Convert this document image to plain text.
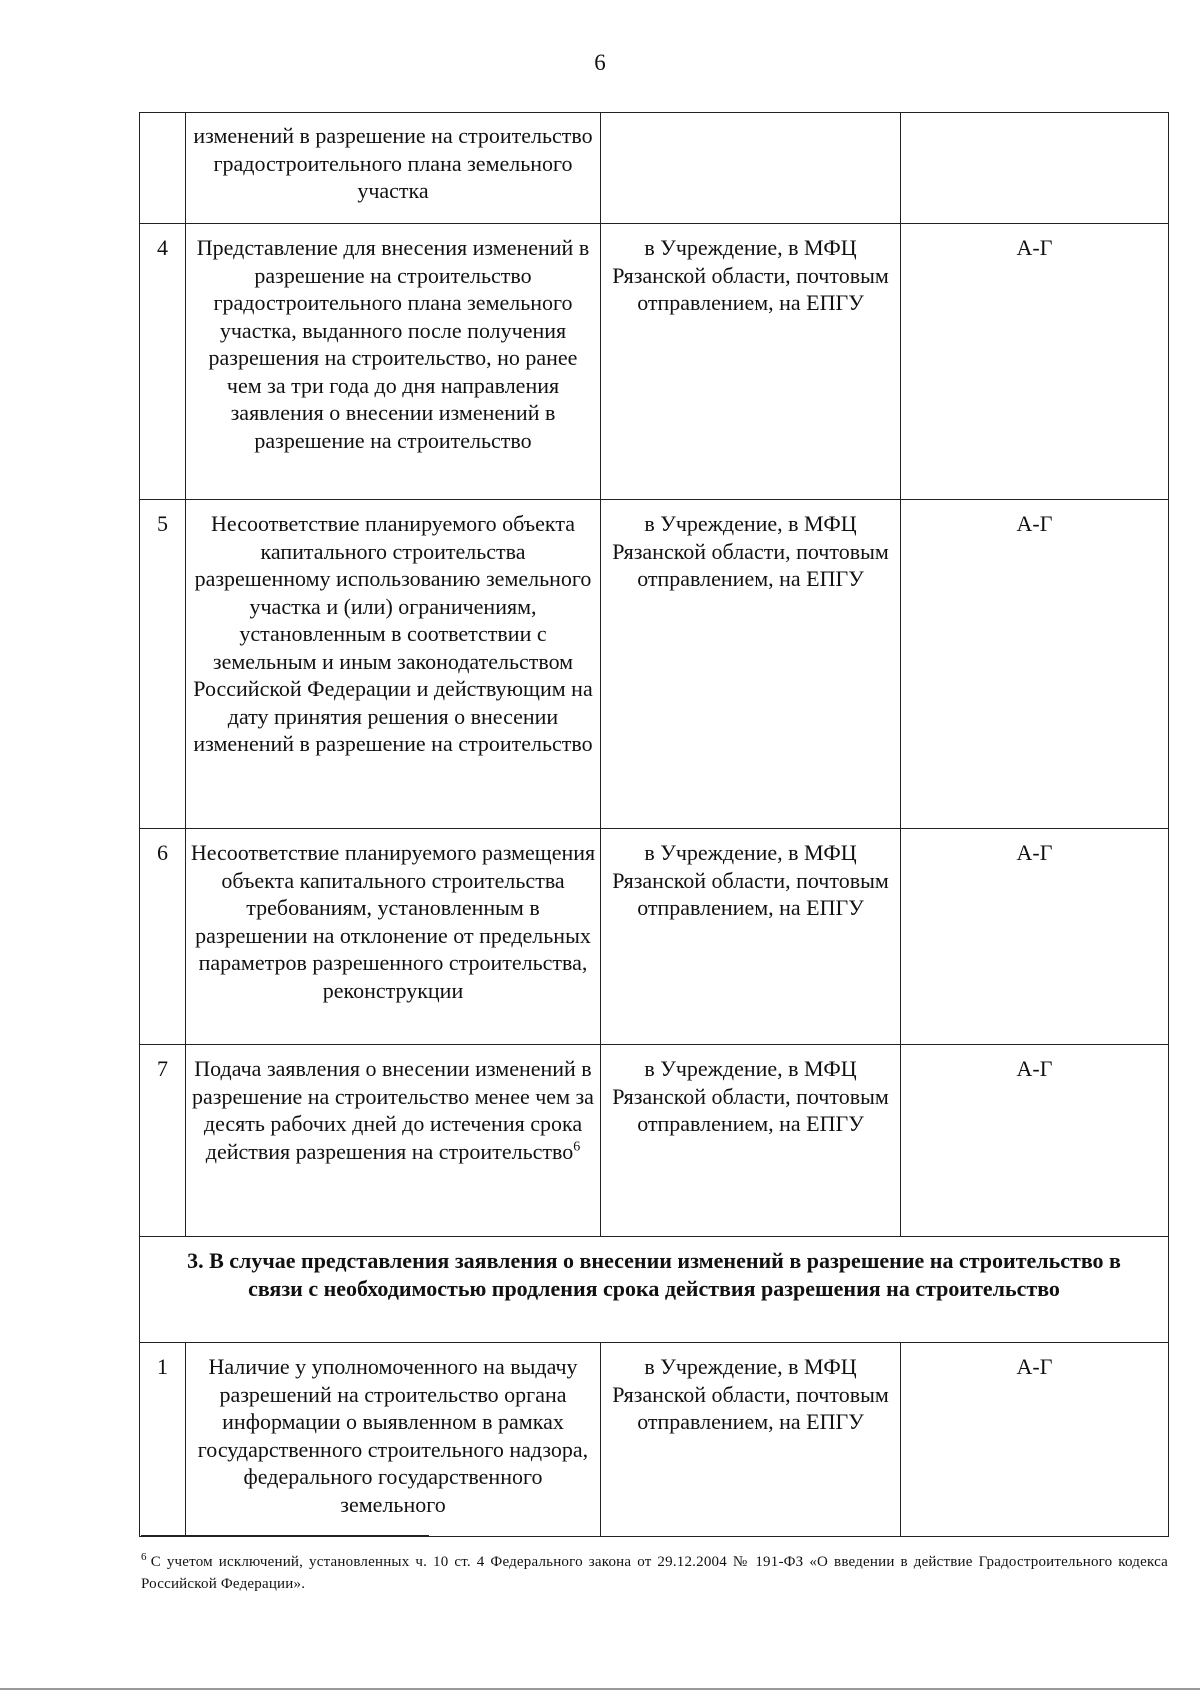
6
	изменений в разрешение на строительство градостроительного плана земельного участка		
4	Представление для внесения изменений в разрешение на строительство градостроительного плана земельного участка, выданного после получения разрешения на строительство, но ранее чем за три года до дня направления заявления о внесении изменений в разрешение на строительство	в Учреждение, в МФЦ Рязанской области, почтовым отправлением, на ЕПГУ	А-Г
5	Несоответствие планируемого объекта капитального строительства разрешенному использованию земельного участка и (или) ограничениям, установленным в соответствии с земельным и иным законодательством Российской Федерации и действующим на дату принятия решения о внесении изменений в разрешение на строительство	в Учреждение, в МФЦ Рязанской области, почтовым отправлением, на ЕПГУ	А-Г
6	Несоответствие планируемого размещения объекта капитального строительства требованиям, установленным в разрешении на отклонение от предельных параметров разрешенного строительства, реконструкции	в Учреждение, в МФЦ Рязанской области, почтовым отправлением, на ЕПГУ	А-Г
7	Подача заявления о внесении изменений в разрешение на строительство менее чем за десять рабочих дней до истечения срока действия разрешения на строительство$^6$	в Учреждение, в МФЦ Рязанской области, почтовым отправлением, на ЕПГУ	А-Г
3. В случае представления заявления о внесении изменений в разрешение на строительство в связи с необходимостью продления срока действия разрешения на строительство			
1	Наличие у уполномоченного на выдачу разрешений на строительство органа информации о выявленном в рамках государственного строительного надзора, федерального государственного земельного	в Учреждение, в МФЦ Рязанской области, почтовым отправлением, на ЕПГУ	А-Г
$^6$ С учетом исключений, установленных ч. 10 ст. 4 Федерального закона от 29.12.2004 № 191-ФЗ «О введении в действие Градостроительного кодекса Российской Федерации».
